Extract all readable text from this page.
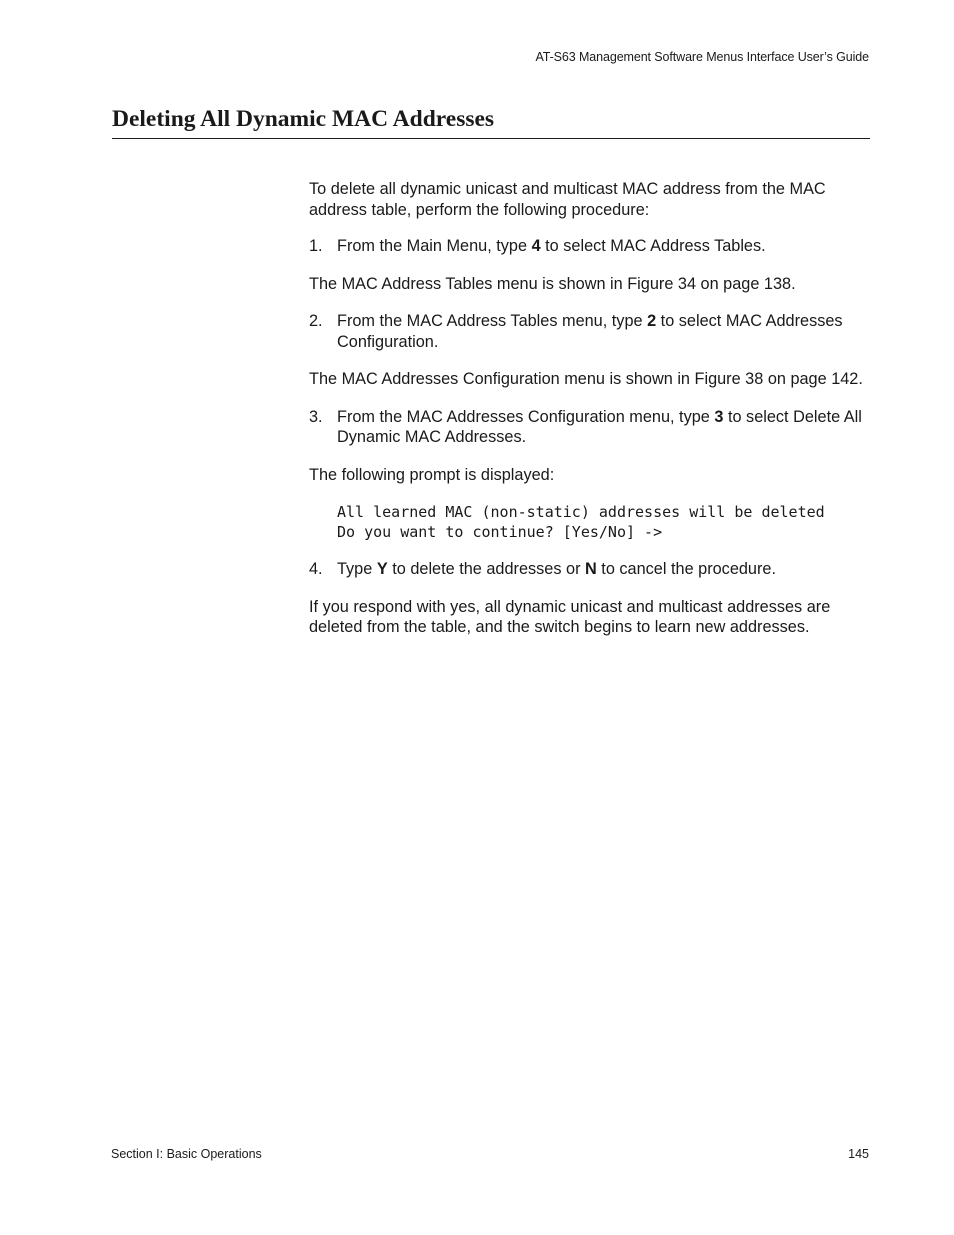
AT-S63 Management Software Menus Interface User’s Guide
Deleting All Dynamic MAC Addresses

To delete all dynamic unicast and multicast MAC address from the MAC address table, perform the following procedure:

1. From the Main Menu, type 4 to select MAC Address Tables.

The MAC Address Tables menu is shown in Figure 34 on page 138.

2. From the MAC Address Tables menu, type 2 to select MAC Addresses Configuration.

The MAC Addresses Configuration menu is shown in Figure 38 on page 142.

3. From the MAC Addresses Configuration menu, type 3 to select Delete All Dynamic MAC Addresses.

The following prompt is displayed:

All learned MAC (non-static) addresses will be deleted
Do you want to continue? [Yes/No] ->
4. Type Y to delete the addresses or N to cancel the procedure.

If you respond with yes, all dynamic unicast and multicast addresses are deleted from the table, and the switch begins to learn new addresses.

Section I: Basic Operations	145
